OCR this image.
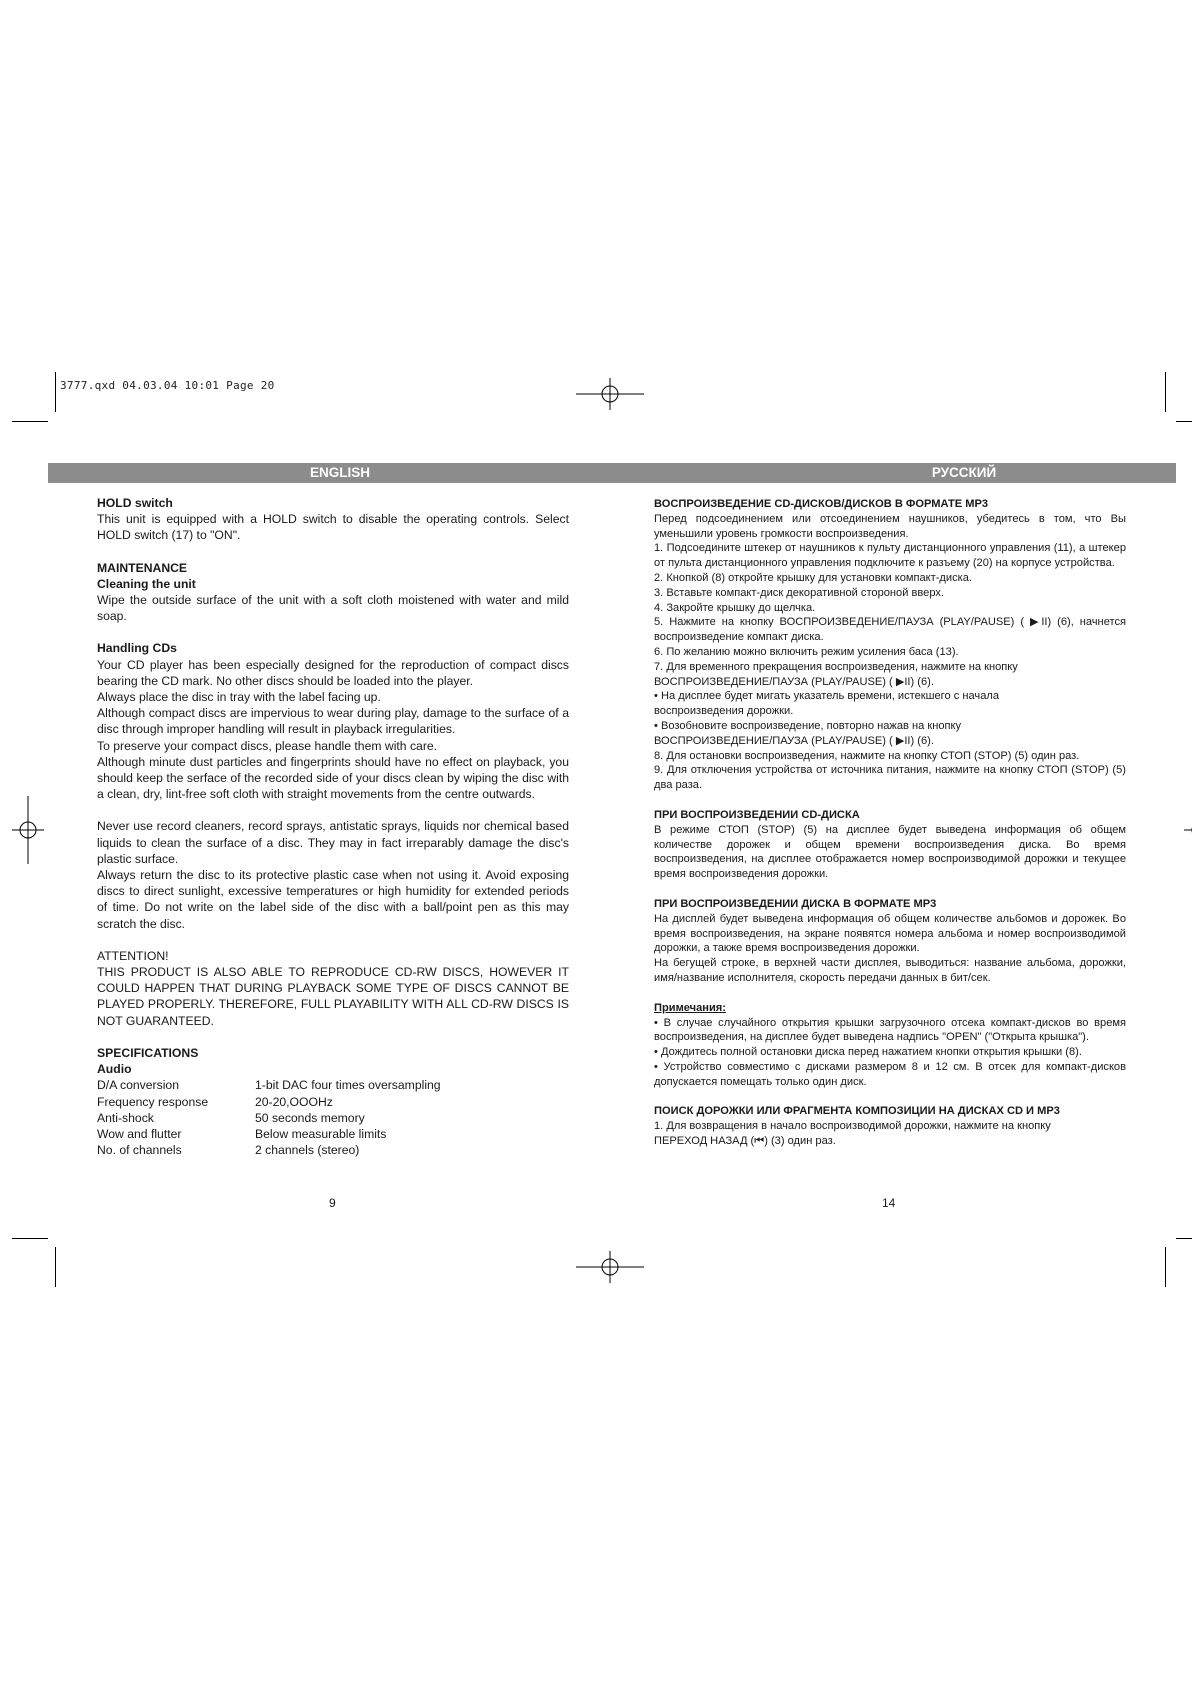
3777.qxd 04.03.04 10:01 Page 20
ENGLISH	РУССКИЙ

HOLD switch

This unit is equipped with a HOLD switch to disable the operating controls. Select HOLD switch (17) to "ON".

MAINTENANCE

Cleaning the unit

Wipe the outside surface of the unit with a soft cloth moistened with water and mild soap.

Handling CDs

Your CD player has been especially designed for the reproduction of compact discs bearing the CD mark. No other discs should be loaded into the player.

Always place the disc in tray with the label facing up.

Although compact discs are impervious to wear during play, damage to the surface of a disc through improper handling will result in playback irregularities.

To preserve your compact discs, please handle them with care.

Although minute dust particles and fingerprints should have no effect on playback, you should keep the serface of the recorded side of your discs clean by wiping the disc with a clean, dry, lint-free soft cloth with straight movements from the centre outwards.

Never use record cleaners, record sprays, antistatic sprays, liquids nor chemical based liquids to clean the surface of a disc. They may in fact irreparably damage the disc's plastic surface.

Always return the disc to its protective plastic case when not using it. Avoid exposing discs to direct sunlight, excessive temperatures or high humidity for extended periods of time. Do not write on the label side of the disc with a ball/point pen as this may scratch the disc.

ATTENTION!

THIS PRODUCT IS ALSO ABLE TO REPRODUCE CD-RW DISCS, HOWEVER IT COULD HAPPEN THAT DURING PLAYBACK SOME TYPE OF DISCS CANNOT BE PLAYED PROPERLY. THEREFORE, FULL PLAYABILITY WITH ALL CD-RW DISCS IS NOT GUARANTEED.

SPECIFICATIONS

Audio

D/A conversion	1-bit DAC four times oversampling
Frequency response	20-20,OOOHz
Anti-shock	50 seconds memory
Wow and flutter	Below measurable limits
No. of channels	2 channels (stereo)
9

ВОСПРОИЗВЕДЕНИЕ CD-ДИСКОВ/ДИСКОВ В ФОРМАТЕ MP3

Перед подсоединением или отсоединением наушников, убедитесь в том, что Вы уменьшили уровень громкости воспроизведения.

1. Подсоедините штекер от наушников к пульту дистанционного управления (11), а штекер от пульта дистанционного управления подключите к разъему (20) на корпусе устройства.

2. Кнопкой (8) откройте крышку для установки компакт-диска.

3. Вставьте компакт-диск декоративной стороной вверх.

4. Закройте крышку до щелчка.

5. Нажмите на кнопку ВОСПРОИЗВЕДЕНИЕ/ПАУЗА (PLAY/PAUSE) ( ▶II) (6), начнется воспроизведение компакт диска.

6. По желанию можно включить режим усиления баса (13).

7. Для временного прекращения воспроизведения, нажмите на кнопку

ВОСПРОИЗВЕДЕНИЕ/ПАУЗА (PLAY/PAUSE) ( ▶II) (6).

• На дисплее будет мигать указатель времени, истекшего с начала

воспроизведения дорожки.

• Возобновите воспроизведение, повторно нажав на кнопку

ВОСПРОИЗВЕДЕНИЕ/ПАУЗА (PLAY/PAUSE) ( ▶II) (6).

8. Для остановки воспроизведения, нажмите на кнопку СТОП (STOP) (5) один раз.

9. Для отключения устройства от источника питания, нажмите на кнопку СТОП (STOP) (5) два раза.

ПРИ ВОСПРОИЗВЕДЕНИИ CD-ДИСКА

В режиме СТОП (STOP) (5) на дисплее будет выведена информация об общем количестве дорожек и общем времени воспроизведения диска. Во время воспроизведения, на дисплее отображается номер воспроизводимой дорожки и текущее время воспроизведения дорожки.

ПРИ ВОСПРОИЗВЕДЕНИИ ДИСКА В ФОРМАТЕ MP3

На дисплей будет выведена информация об общем количестве альбомов и дорожек. Во время воспроизведения, на экране появятся номера альбома и номер воспроизводимой дорожки, а также время воспроизведения дорожки.

На бегущей строке, в верхней части дисплея, выводиться: название альбома, дорожки, имя/название исполнителя, скорость передачи данных в бит/сек.

Примечания:

• В случае случайного открытия крышки загрузочного отсека компакт-дисков во время воспроизведения, на дисплее будет выведена надпись "OPEN" ("Открыта крышка").

• Дождитесь полной остановки диска перед нажатием кнопки открытия крышки (8).

• Устройство совместимо с дисками размером 8 и 12 см. В отсек для компакт-дисков допускается помещать только один диск.

ПОИСК ДОРОЖКИ ИЛИ ФРАГМЕНТА КОМПОЗИЦИИ НА ДИСКАХ CD И MP3

1. Для возвращения в начало воспроизводимой дорожки, нажмите на кнопку

ПЕРЕХОД НАЗАД (⏮) (3) один раз.

14
